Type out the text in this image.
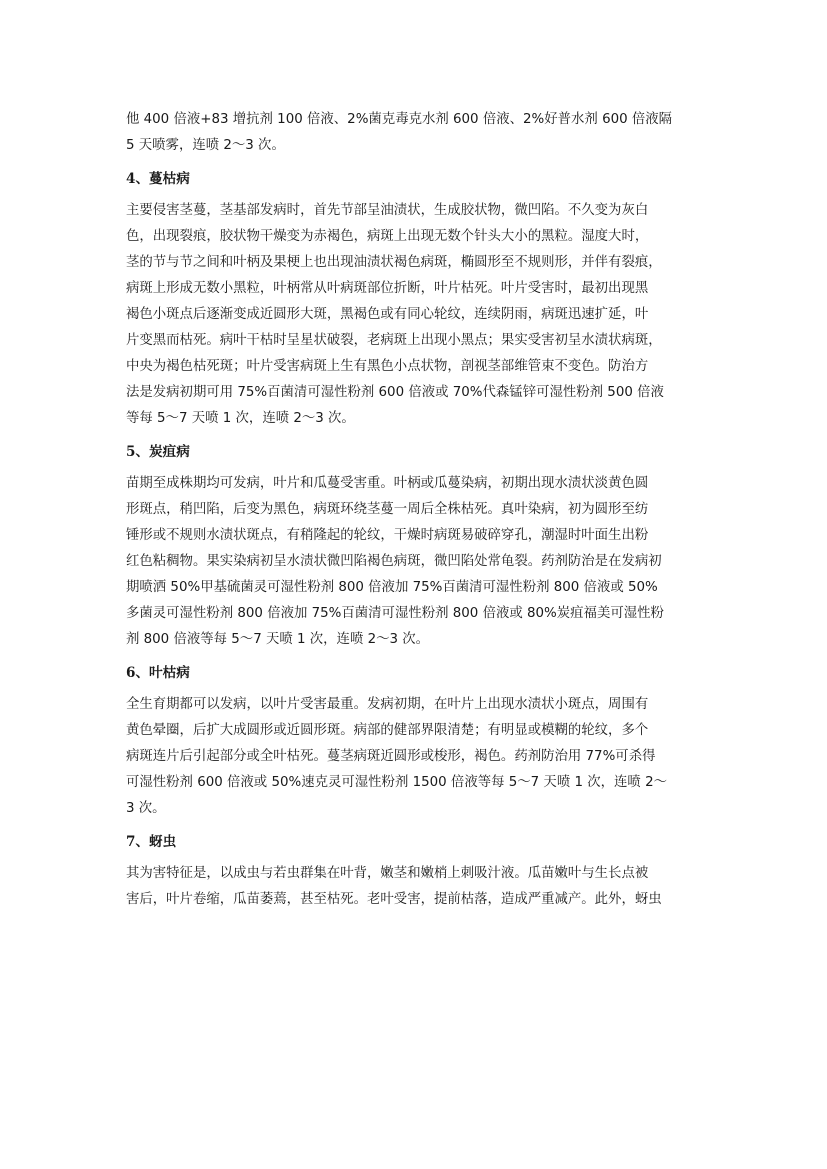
他 400 倍液+83 增抗剂 100 倍液、2%菌克毒克水剂 600 倍液、2%好普水剂 600 倍液隔
5 天喷雾，连喷 2～3 次。
4、蔓枯病
主要侵害茎蔓，茎基部发病时，首先节部呈油渍状，生成胶状物，微凹陷。不久变为灰白
色，出现裂痕，胶状物干燥变为赤褐色，病斑上出现无数个针头大小的黑粒。湿度大时，
茎的节与节之间和叶柄及果梗上也出现油渍状褐色病斑，椭圆形至不规则形，并伴有裂痕，
病斑上形成无数小黑粒，叶柄常从叶病斑部位折断，叶片枯死。叶片受害时，最初出现黑
褐色小斑点后逐渐变成近圆形大斑，黑褐色或有同心轮纹，连续阴雨，病斑迅速扩延，叶
片变黑而枯死。病叶干枯时呈星状破裂，老病斑上出现小黑点；果实受害初呈水渍状病斑，
中央为褐色枯死斑；叶片受害病斑上生有黑色小点状物，剖视茎部维管束不变色。防治方
法是发病初期可用 75%百菌清可湿性粉剂 600 倍液或 70%代森锰锌可湿性粉剂 500 倍液
等每 5～7 天喷 1 次，连喷 2～3 次。
5、炭疽病
苗期至成株期均可发病，叶片和瓜蔓受害重。叶柄或瓜蔓染病，初期出现水渍状淡黄色圆
形斑点，稍凹陷，后变为黑色，病斑环绕茎蔓一周后全株枯死。真叶染病，初为圆形至纺
锤形或不规则水渍状斑点，有稍隆起的轮纹，干燥时病斑易破碎穿孔，潮湿时叶面生出粉
红色粘稠物。果实染病初呈水渍状微凹陷褐色病斑，微凹陷处常龟裂。药剂防治是在发病初
期喷洒 50%甲基硫菌灵可湿性粉剂 800 倍液加 75%百菌清可湿性粉剂 800 倍液或 50%
多菌灵可湿性粉剂 800 倍液加 75%百菌清可湿性粉剂 800 倍液或 80%炭疽福美可湿性粉
剂 800 倍液等每 5～7 天喷 1 次，连喷 2～3 次。
6、叶枯病
全生育期都可以发病，以叶片受害最重。发病初期，在叶片上出现水渍状小斑点，周围有
黄色晕圈，后扩大成圆形或近圆形斑。病部的健部界限清楚；有明显或模糊的轮纹，多个
病斑连片后引起部分或全叶枯死。蔓茎病斑近圆形或梭形，褐色。药剂防治用 77%可杀得
可湿性粉剂 600 倍液或 50%速克灵可湿性粉剂 1500 倍液等每 5～7 天喷 1 次，连喷 2～
3 次。
7、蚜虫
其为害特征是，以成虫与若虫群集在叶背，嫩茎和嫩梢上刺吸汁液。瓜苗嫩叶与生长点被
害后，叶片卷缩，瓜苗萎蔫，甚至枯死。老叶受害，提前枯落，造成严重减产。此外，蚜虫
